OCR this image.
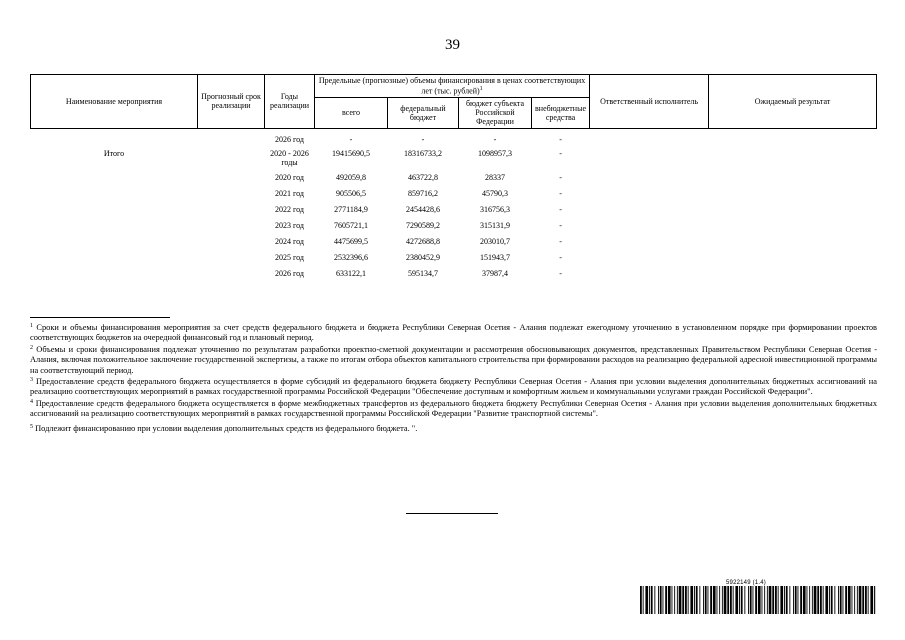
39
Наименование мероприятия	Прогнозный срок реализации	Годы реализации	Предельные (прогнозные) объемы финансирования в ценах соответствующих лет (тыс. рублей)$^1$				Ответственный исполнитель	Ожидаемый результат
			всего	федеральный бюджет	бюджет субъекта Российской Федерации	внебюджетные средства		
		2026 год	-	-	-	-		
Итого		2020 - 2026 годы	19415690,5	18316733,2	1098957,3	-		
		2020 год	492059,8	463722,8	28337	-		
		2021 год	905506,5	859716,2	45790,3	-		
		2022 год	2771184,9	2454428,6	316756,3	-		
		2023 год	7605721,1	7290589,2	315131,9	-		
		2024 год	4475699,5	4272688,8	203010,7	-		
		2025 год	2532396,6	2380452,9	151943,7	-		
		2026 год	633122,1	595134,7	37987,4	-		

$^1$ Сроки и объемы финансирования мероприятия за счет средств федерального бюджета и бюджета Республики Северная Осетия - Алания подлежат ежегодному уточнению в установленном порядке при формировании проектов соответствующих бюджетов на очередной финансовый год и плановый период.

$^2$ Объемы и сроки финансирования подлежат уточнению по результатам разработки проектно-сметной документации и рассмотрения обосновывающих документов, представленных Правительством Республики Северная Осетия - Алания, включая положительное заключение государственной экспертизы, а также по итогам отбора объектов капитального строительства при формировании расходов на реализацию федеральной адресной инвестиционной программы на соответствующий период.

$^3$ Предоставление средств федерального бюджета осуществляется в форме субсидий из федерального бюджета бюджету Республики Северная Осетия - Алания при условии выделения дополнительных бюджетных ассигнований на реализацию соответствующих мероприятий в рамках государственной программы Российской Федерации "Обеспечение доступным и комфортным жильем и коммунальными услугами граждан Российской Федерации".

$^4$ Предоставление средств федерального бюджета осуществляется в форме межбюджетных трансфертов из федерального бюджета бюджету Республики Северная Осетия - Алания при условии выделения дополнительных бюджетных ассигнований на реализацию соответствующих мероприятий в рамках государственной программы Российской Федерации "Развитие транспортной системы".

$^5$ Подлежит финансированию при условии выделения дополнительных средств из федерального бюджета. ".

5922149 (1.4)
